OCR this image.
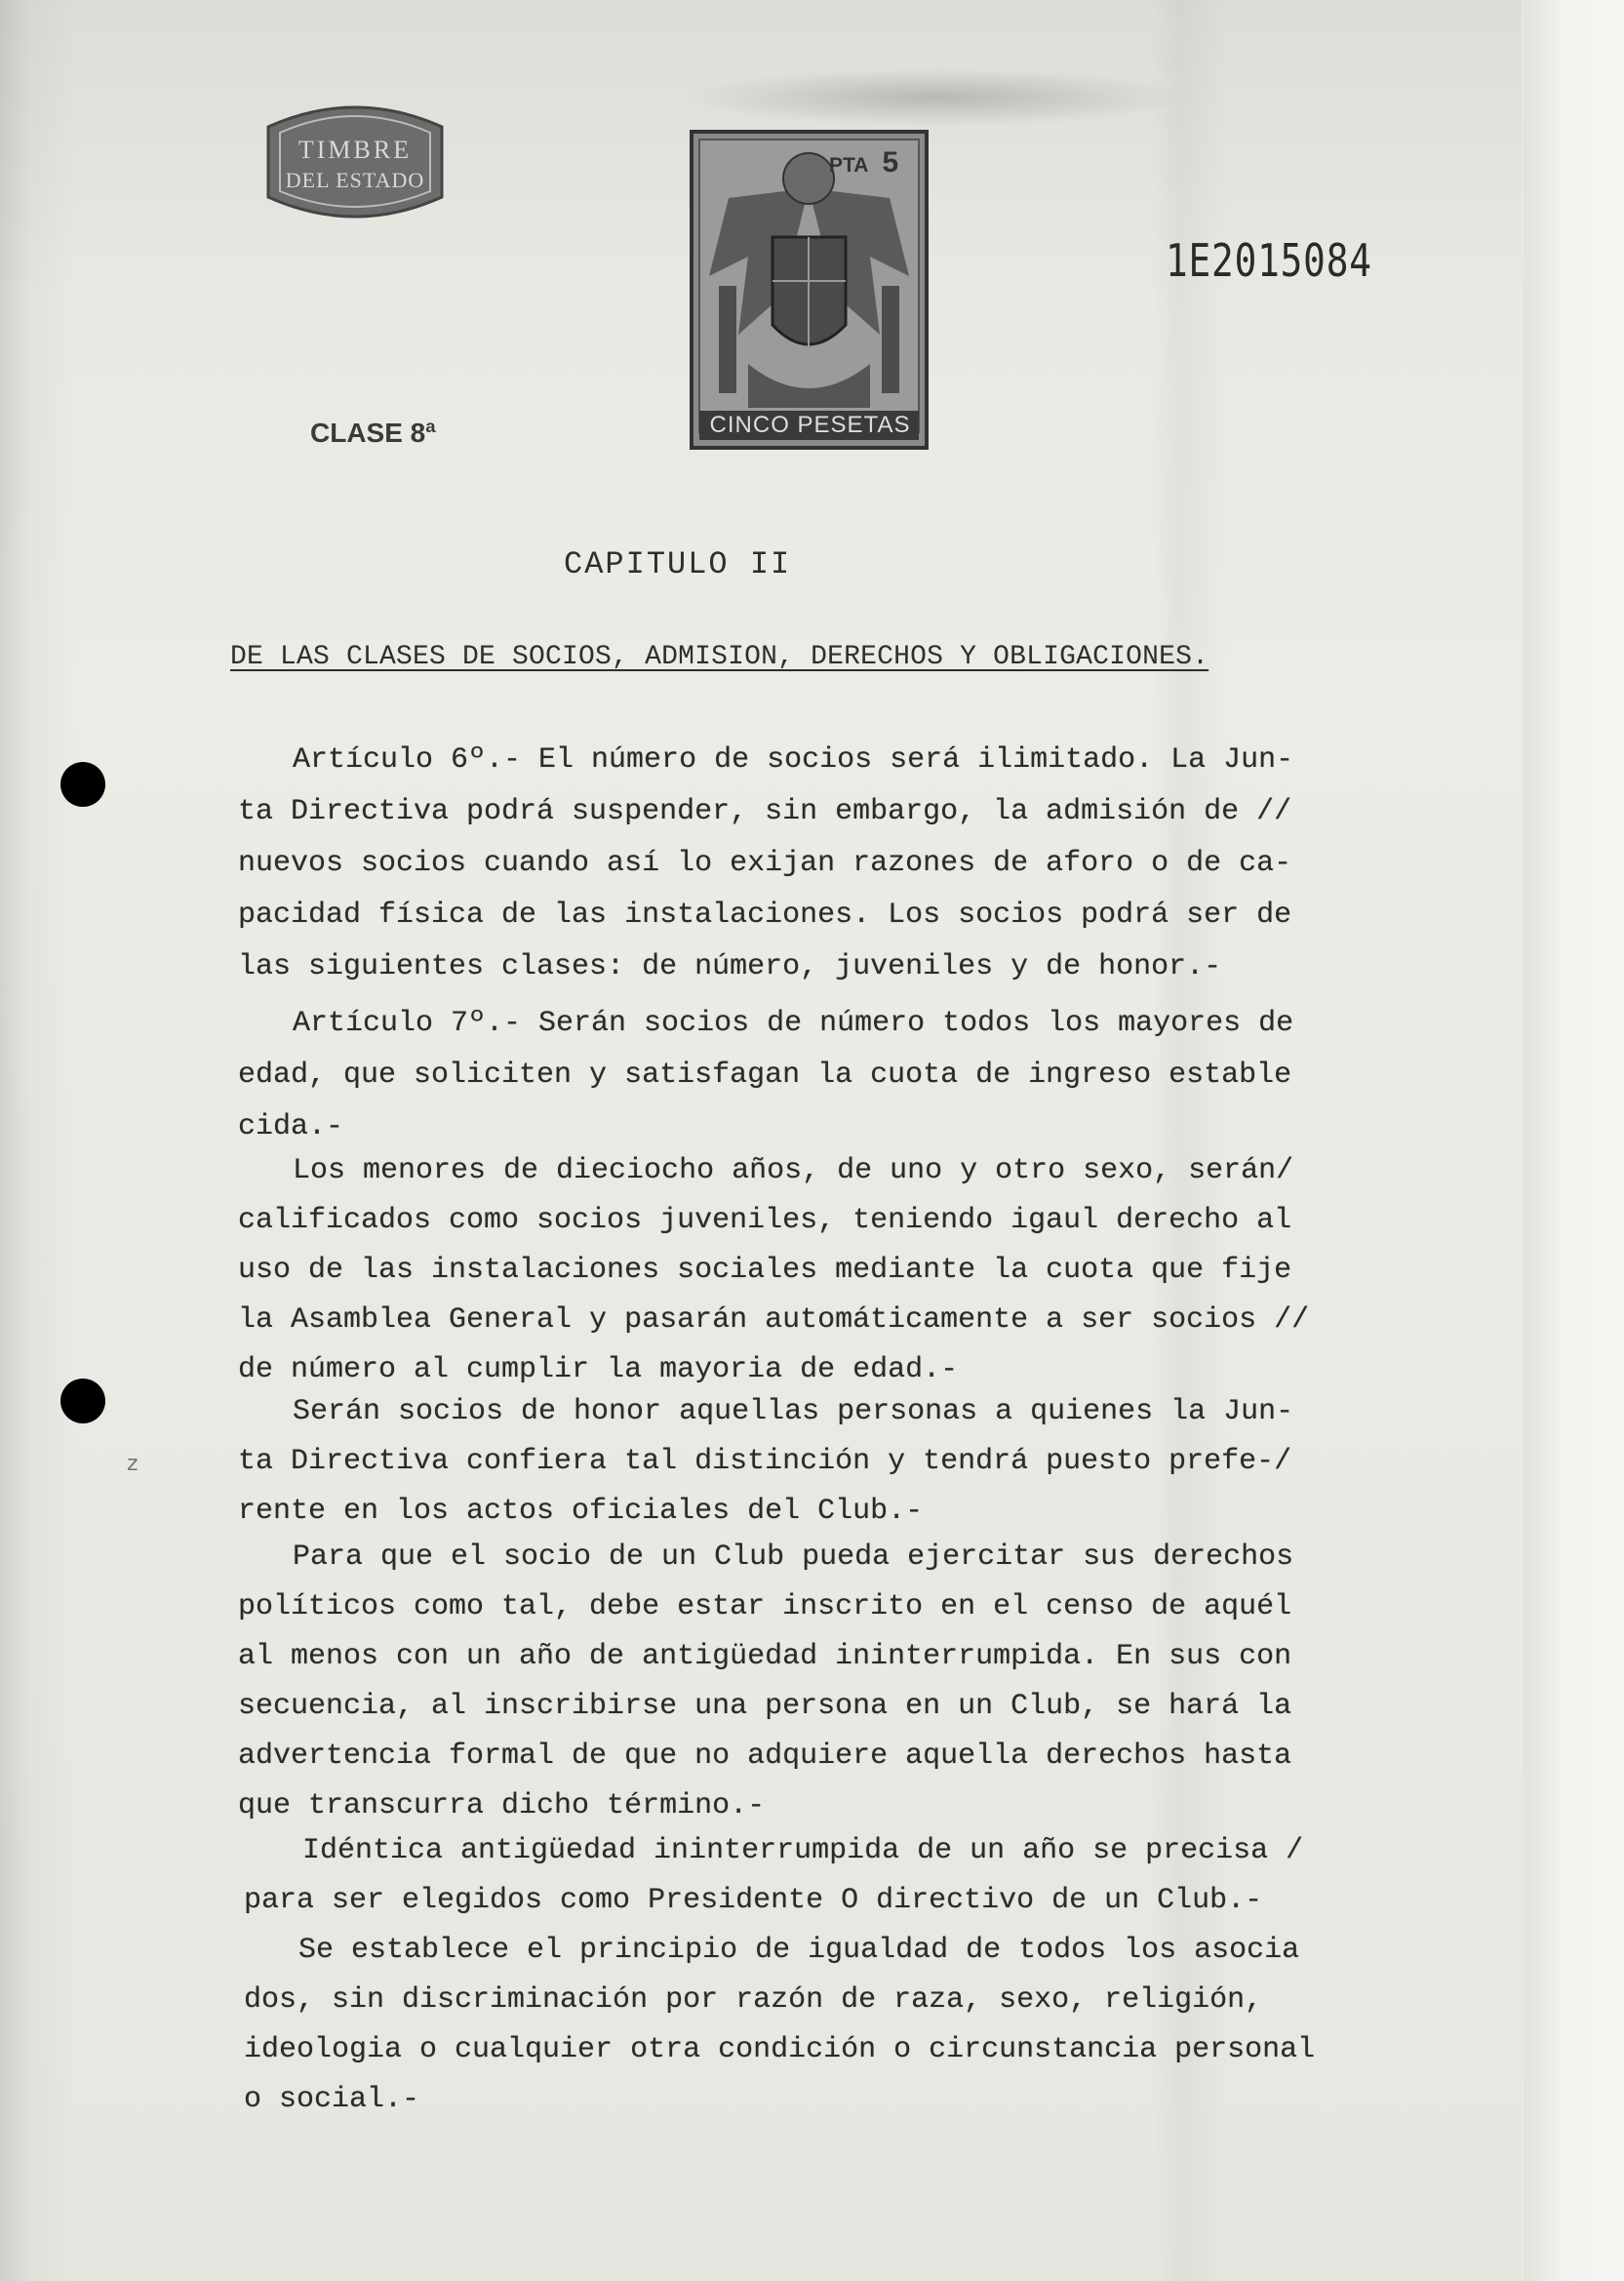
TIMBRE
DEL ESTADO
PTA 5
CINCO PESETAS
1E2015084
CLASE 8ª
CAPITULO II
DE LAS CLASES DE SOCIOS, ADMISION, DERECHOS Y OBLIGACIONES.
z
Artículo 6º.- El número de socios será ilimitado. La Jun-
ta Directiva podrá suspender, sin embargo, la admisión de //
nuevos socios cuando así lo exijan razones de aforo o de ca-
pacidad física de las instalaciones. Los socios podrá ser de
las siguientes clases: de número, juveniles y de honor.-
Artículo 7º.- Serán socios de número todos los mayores de
edad, que soliciten y satisfagan la cuota de ingreso estable
cida.-
Los menores de dieciocho años, de uno y otro sexo, serán/
calificados como socios juveniles, teniendo igaul derecho al
uso de las instalaciones sociales mediante la cuota que fije
la Asamblea General y pasarán automáticamente a ser socios //
de número al cumplir la mayoria de edad.-
Serán socios de honor aquellas personas a quienes la Jun-
ta Directiva confiera tal distinción y tendrá puesto prefe-/
rente en los actos oficiales del Club.-
Para que el socio de un Club pueda ejercitar sus derechos
políticos como tal, debe estar inscrito en el censo de aquél
al menos con un año de antigüedad ininterrumpida. En sus con
secuencia, al inscribirse una persona en un Club, se hará la
advertencia formal de que no adquiere aquella derechos hasta
que transcurra dicho término.-
Idéntica antigüedad ininterrumpida de un año se precisa /
para ser elegidos como Presidente O directivo de un Club.-
Se establece el principio de igualdad de todos los asocia
dos, sin discriminación por razón de raza, sexo, religión,
ideologia o cualquier otra condición o circunstancia personal
o social.-
